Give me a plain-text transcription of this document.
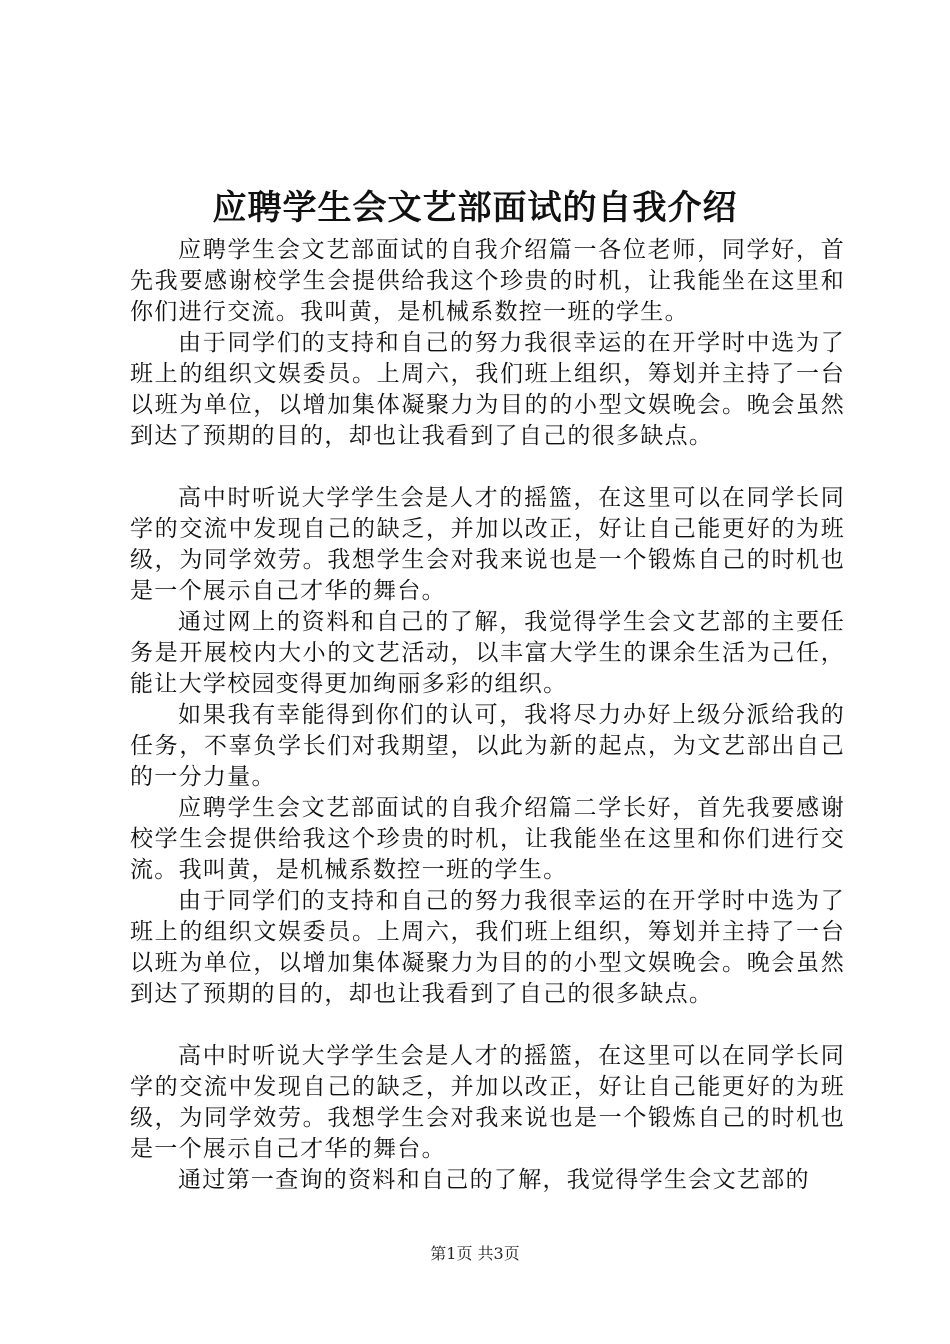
应聘学生会文艺部面试的自我介绍

应聘学生会文艺部面试的自我介绍篇一各位老师，同学好，首先我要感谢校学生会提供给我这个珍贵的时机，让我能坐在这里和你们进行交流。我叫黄，是机械系数控一班的学生。

由于同学们的支持和自己的努力我很幸运的在开学时中选为了班上的组织文娱委员。上周六，我们班上组织，筹划并主持了一台以班为单位，以增加集体凝聚力为目的的小型文娱晚会。晚会虽然到达了预期的目的，却也让我看到了自己的很多缺点。

高中时听说大学学生会是人才的摇篮，在这里可以在同学长同学的交流中发现自己的缺乏，并加以改正，好让自己能更好的为班级，为同学效劳。我想学生会对我来说也是一个锻炼自己的时机也是一个展示自己才华的舞台。

通过网上的资料和自己的了解，我觉得学生会文艺部的主要任务是开展校内大小的文艺活动，以丰富大学生的课余生活为己任，能让大学校园变得更加绚丽多彩的组织。

如果我有幸能得到你们的认可，我将尽力办好上级分派给我的任务，不辜负学长们对我期望，以此为新的起点，为文艺部出自己的一分力量。

应聘学生会文艺部面试的自我介绍篇二学长好，首先我要感谢校学生会提供给我这个珍贵的时机，让我能坐在这里和你们进行交流。我叫黄，是机械系数控一班的学生。

由于同学们的支持和自己的努力我很幸运的在开学时中选为了班上的组织文娱委员。上周六，我们班上组织，筹划并主持了一台以班为单位，以增加集体凝聚力为目的的小型文娱晚会。晚会虽然到达了预期的目的，却也让我看到了自己的很多缺点。

高中时听说大学学生会是人才的摇篮，在这里可以在同学长同学的交流中发现自己的缺乏，并加以改正，好让自己能更好的为班级，为同学效劳。我想学生会对我来说也是一个锻炼自己的时机也是一个展示自己才华的舞台。

通过第一查询的资料和自己的了解，我觉得学生会文艺部的

第1页 共3页
